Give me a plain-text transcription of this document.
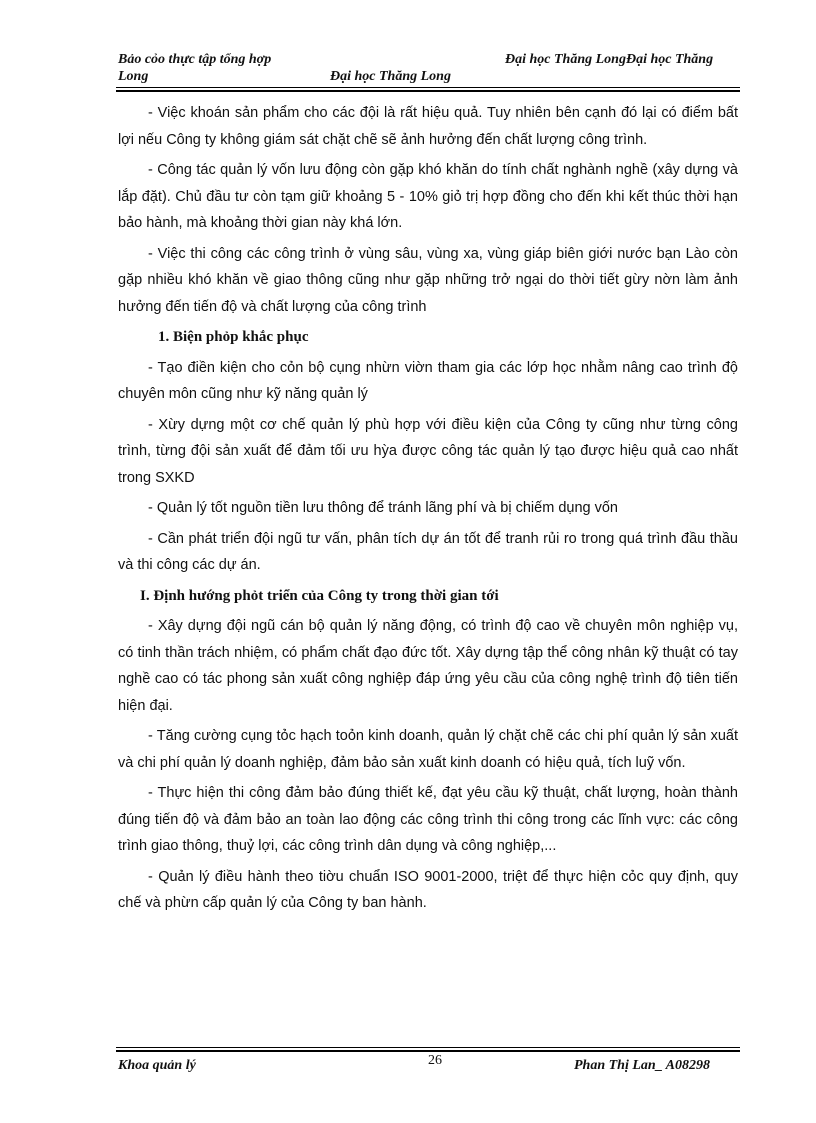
Bảo cỏo thực tập tổng hợp	Đại học Thăng LongĐại học Thăng
Long	Đại học Thăng Long

- Việc khoán sản phẩm cho các đội là rất hiệu quả. Tuy nhiên bên cạnh đó lại có điểm bất lợi nếu Công ty không giám sát chặt chẽ sẽ ảnh hưởng đến chất lượng công trình.

- Công tác quản lý vốn lưu động còn gặp khó khăn do tính chất nghành nghề (xây dựng và lắp đặt). Chủ đầu tư còn tạm giữ khoảng 5 - 10% giỏ trị hợp đồng cho đến khi kết thúc thời hạn bảo hành, mà khoảng thời gian này khá lớn.

- Việc thi công các công trình ở vùng sâu, vùng xa, vùng giáp biên giới nước bạn Lào còn gặp nhiều khó khăn về giao thông cũng như gặp những trở ngại do thời tiết gừy nờn làm ảnh hưởng đến tiến độ và chất lượng của công trình

1. Biện phỏp khắc phục

- Tạo điền kiện cho cỏn bộ cụng nhừn viờn tham gia các lớp học nhằm nâng cao trình độ chuyên môn cũng như kỹ năng quản lý

- Xừy dựng một cơ chế quản lý phù hợp với điều kiện của Công ty cũng như từng công trình, từng đội sản xuất để đảm tối ưu hỳa được công tác quản lý tạo được hiệu quả cao nhất trong SXKD

- Quản lý tốt nguồn tiền lưu thông để tránh lãng phí và bị chiếm dụng vốn

- Cần phát triển đội ngũ tư vấn, phân tích dự án tốt để tranh rủi ro trong quá trình đầu thầu và thi công các dự án.

I. Định hướng phỏt triển của Công ty trong thời gian tới

- Xây dựng đội ngũ cán bộ quản lý năng động, có trình độ cao về chuyên môn nghiệp vụ, có tinh thần trách nhiệm, có phẩm chất đạo đức tốt. Xây dựng tập thể công nhân kỹ thuật có tay nghề cao có tác phong sản xuất công nghiệp đáp ứng yêu cầu của công nghệ trình độ tiên tiến hiện đại.

- Tăng cường cụng tỏc hạch toỏn kinh doanh, quản lý chặt chẽ các chi phí quản lý sản xuất và chi phí quản lý doanh nghiệp, đảm bảo sản xuất kinh doanh có hiệu quả, tích luỹ vốn.

- Thực hiện thi công đảm bảo đúng thiết kế, đạt yêu cầu kỹ thuật, chất lượng, hoàn thành đúng tiến độ và đảm bảo an toàn lao động các công trình thi công trong các lĩnh vực: các công trình giao thông, thuỷ lợi, các công trình dân dụng và công nghiệp,...

- Quản lý điều hành theo tiờu chuẩn ISO 9001-2000, triệt để thực hiện cỏc quy định, quy chế và phừn cấp quản lý của Công ty ban hành.

Khoa quản lý	26	Phan Thị Lan_ A08298
